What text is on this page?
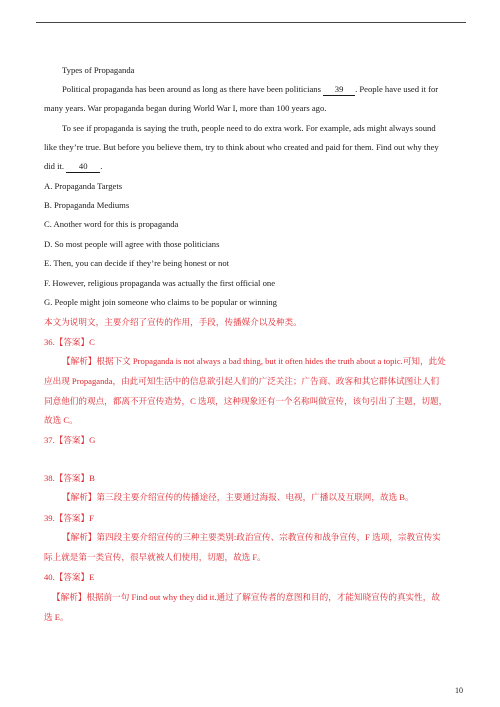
Types of Propaganda
Political propaganda has been around as long as there have been politicians 39 . People have used it for
many years. War propaganda began during World War I, more than 100 years ago.
To see if propaganda is saying the truth, people need to do extra work. For example, ads might always sound
like they’re true. But before you believe them, try to think about who created and paid for them. Find out why they
did it. 40 .
A. Propaganda Targets
B. Propaganda Mediums
C. Another word for this is propaganda
D. So most people will agree with those politicians
E. Then, you can decide if they’re being honest or not
F. However, religious propaganda was actually the first official one
G. People might join someone who claims to be popular or winning
本文为说明文，主要介绍了宣传的作用，手段，传播媒介以及种类。
36.【答案】C
【解析】根据下文 Propaganda is not always a bad thing, but it often hides the truth about a topic.可知，此处
应出现 Propaganda，由此可知生活中的信息欲引起人们的广泛关注；广告商、政客和其它群体试图让人们
同意他们的观点，都离不开宣传造势，C 选项，这种现象还有一个名称叫做宣传，该句引出了主题，切题，
故选 C。
37.【答案】G
38.【答案】B
【解析】第三段主要介绍宣传的传播途径，主要通过海报、电视，广播以及互联网，故选 B。
39.【答案】F
【解析】第四段主要介绍宣传的三种主要类别:政治宣传、宗教宣传和战争宣传，F 选项，宗教宣传实
际上就是第一类宣传，很早就被人们使用，切题，故选 F。
40.【答案】E
【解析】根据前一句 Find out why they did it.通过了解宣传者的意图和目的，才能知晓宣传的真实性，故
选 E。
10
